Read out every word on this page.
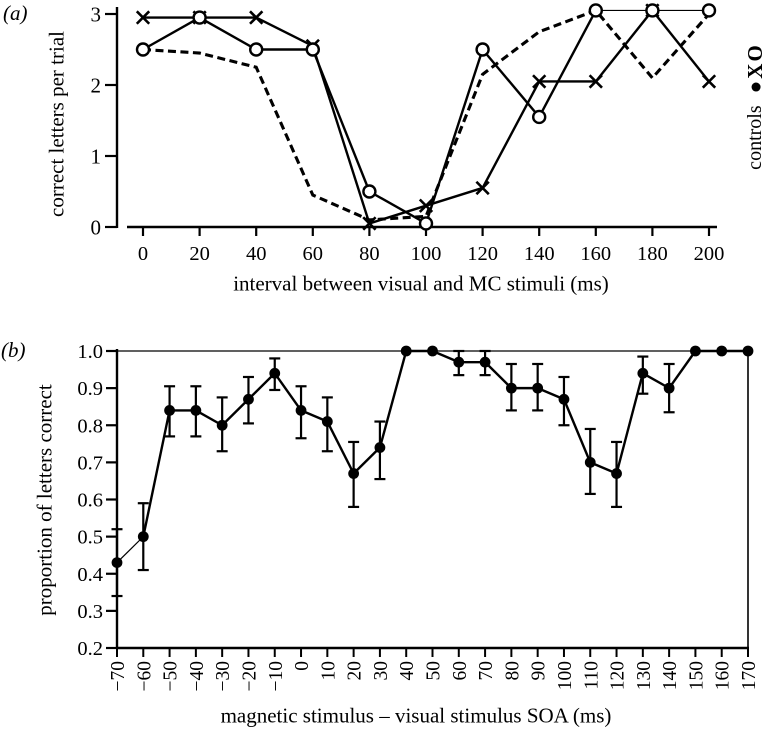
0
1
2
3
0 20 40 60 80 100 120 140 160 180 200
0.2
0.3
0.4
0.5
0.6
0.7
0.8
0.9
1.0
−70 −60 −50 −40 −30 −20 −10 0 10 20 30 40 50 60 70 80 90 100 110 120 130 140 150 160 170
(a)
correct letters per trial
interval between visual and MC stimuli (ms)
controls
●XO
(b)
proportion of letters correct
magnetic stimulus – visual stimulus SOA (ms)
